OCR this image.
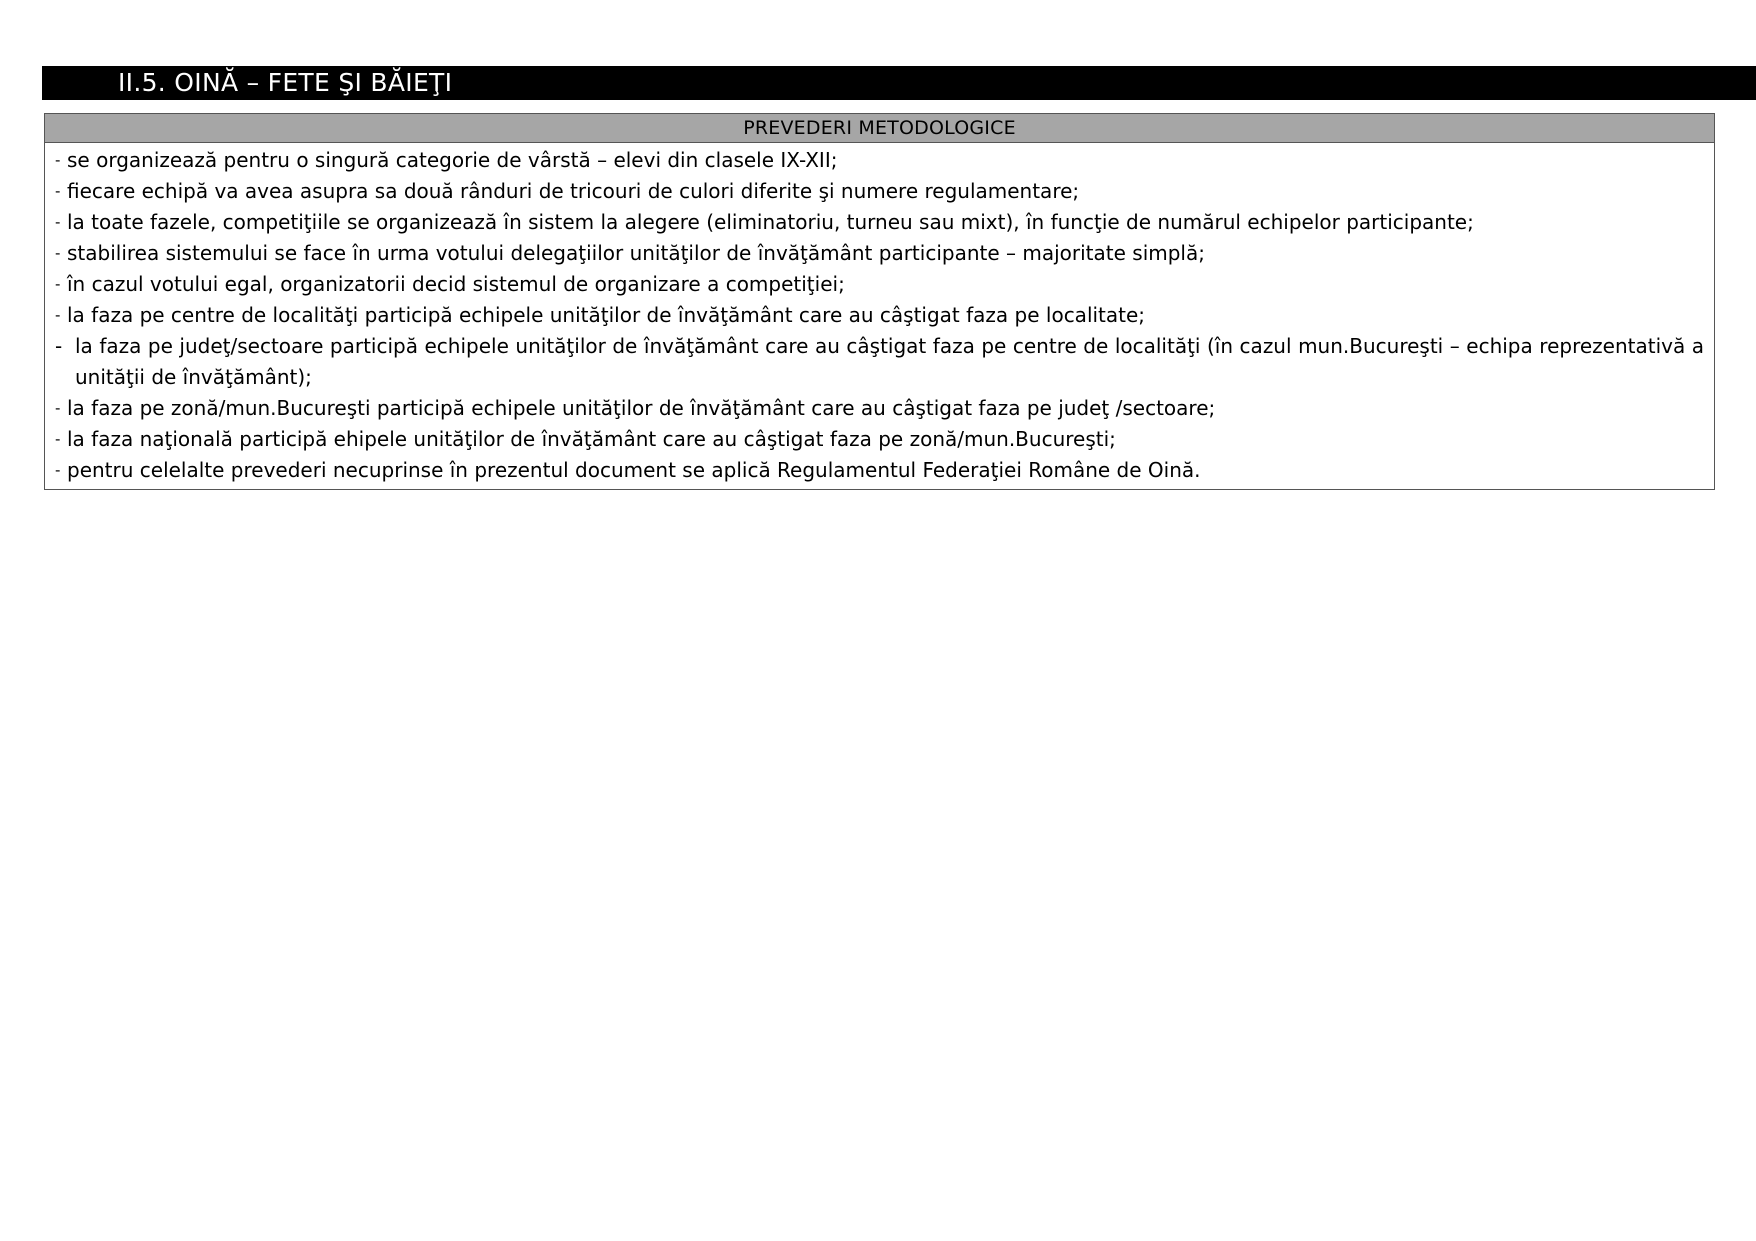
II.5. OINĂ – FETE ŞI BĂIEŢI
PREVEDERI METODOLOGICE
- se organizează pentru o singură categorie de vârstă – elevi din clasele IX-XII;
- fiecare echipă va avea asupra sa două rânduri de tricouri de culori diferite şi numere regulamentare;
- la toate fazele, competiţiile se organizează în sistem la alegere (eliminatoriu, turneu sau mixt), în funcţie de numărul echipelor participante;
- stabilirea sistemului se face în urma votului delegaţiilor unităţilor de învăţământ participante – majoritate simplă;
- în cazul votului egal, organizatorii decid sistemul de organizare a competiţiei;
- la faza pe centre de localităţi participă echipele unităţilor de învăţământ care au câştigat faza pe localitate;
- la faza pe judeţ/sectoare participă echipele unităţilor de învăţământ care au câştigat faza pe centre de localităţi (în cazul mun.Bucureşti – echipa reprezentativă a unităţii de învăţământ);
- la faza pe zonă/mun.Bucureşti participă echipele unităţilor de învăţământ care au câştigat faza pe judeţ /sectoare;
- la faza naţională participă ehipele unităţilor de învăţământ care au câştigat faza pe zonă/mun.Bucureşti;
- pentru celelalte prevederi necuprinse în prezentul document se aplică Regulamentul Federaţiei Române de Oină.
